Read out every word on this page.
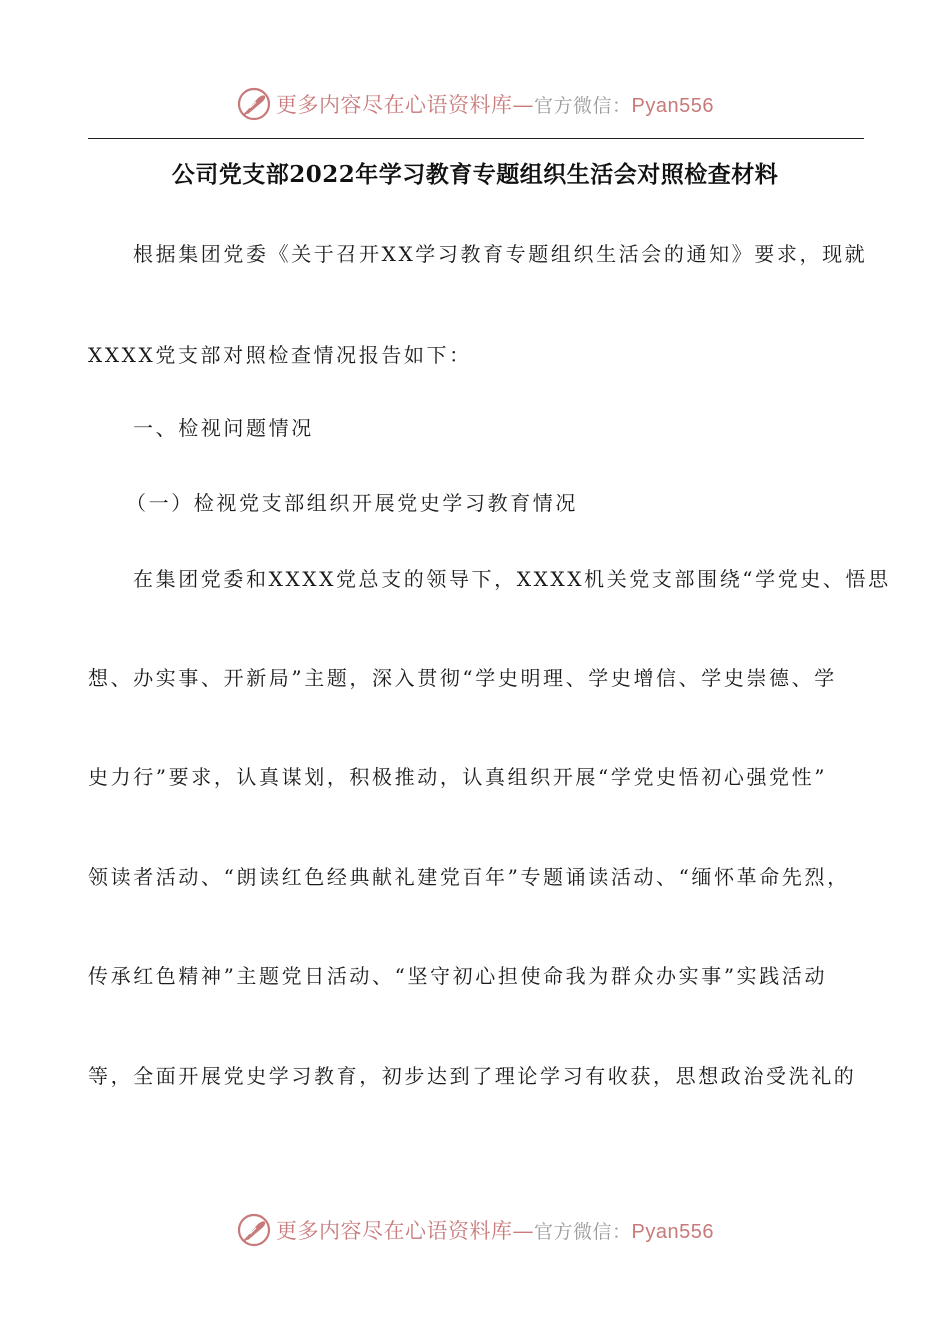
更多内容尽在心语资料库—官方微信：Pyan556
公司党支部2022年学习教育专题组织生活会对照检查材料
根据集团党委《关于召开XX学习教育专题组织生活会的通知》要求，现就
XXXX党支部对照检查情况报告如下：
一、检视问题情况
（一）检视党支部组织开展党史学习教育情况
在集团党委和XXXX党总支的领导下，XXXX机关党支部围绕“学党史、悟思
想、办实事、开新局”主题，深入贯彻“学史明理、学史增信、学史崇德、学
史力行”要求，认真谋划，积极推动，认真组织开展“学党史悟初心强党性”
领读者活动、“朗读红色经典献礼建党百年”专题诵读活动、“缅怀革命先烈，
传承红色精神”主题党日活动、“坚守初心担使命我为群众办实事”实践活动
等，全面开展党史学习教育，初步达到了理论学习有收获，思想政治受洗礼的
更多内容尽在心语资料库—官方微信：Pyan556
